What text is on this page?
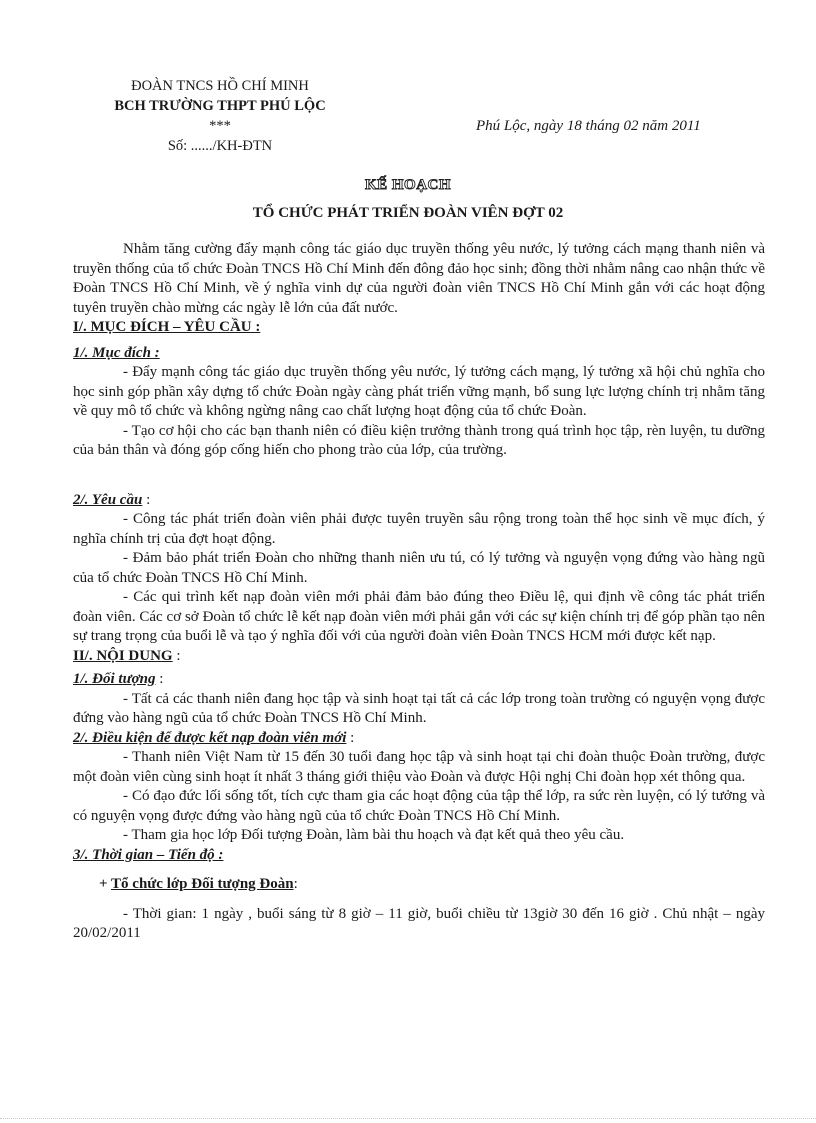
ĐOÀN TNCS HỒ CHÍ MINH
BCH TRƯỜNG THPT PHÚ LỘC
***
Số: ....../KH-ĐTN
Phú Lộc, ngày 18 tháng 02 năm 2011
KẾ HOẠCH
TỔ CHỨC PHÁT TRIỂN ĐOÀN VIÊN ĐỢT 02

Nhằm tăng cường đẩy mạnh công tác giáo dục truyền thống yêu nước, lý tưởng cách mạng thanh niên và truyền thống của tổ chức Đoàn TNCS Hồ Chí Minh đến đông đảo học sinh; đồng thời nhằm nâng cao nhận thức về Đoàn TNCS Hồ Chí Minh, về ý nghĩa vinh dự của người đoàn viên TNCS Hồ Chí Minh gắn với các hoạt động tuyên truyền chào mừng các ngày lễ lớn của đất nước.

I/. MỤC ĐÍCH – YÊU CẦU :

1/. Mục đích :

- Đẩy mạnh công tác giáo dục truyền thống yêu nước, lý tưởng cách mạng, lý tưởng xã hội chủ nghĩa cho học sinh góp phần xây dựng tổ chức Đoàn ngày càng phát triển vững mạnh, bổ sung lực lượng chính trị nhằm tăng về quy mô tổ chức và không ngừng nâng cao chất lượng hoạt động của tổ chức Đoàn.

- Tạo cơ hội cho các bạn thanh niên có điều kiện trưởng thành trong quá trình học tập, rèn luyện, tu dưỡng của bản thân và đóng góp cống hiến cho phong trào của lớp, của trường.

2/. Yêu cầu :

- Công tác phát triển đoàn viên phải được tuyên truyền sâu rộng trong toàn thể học sinh về mục đích, ý nghĩa chính trị của đợt hoạt động.

- Đảm bảo phát triển Đoàn cho những thanh niên ưu tú, có lý tưởng và nguyện vọng đứng vào hàng ngũ của tổ chức Đoàn TNCS Hồ Chí Minh.

- Các qui trình kết nạp đoàn viên mới phải đảm bảo đúng theo Điều lệ, qui định về công tác phát triển đoàn viên. Các cơ sở Đoàn tổ chức lễ kết nạp đoàn viên mới phải gắn với các sự kiện chính trị để góp phần tạo nên sự trang trọng của buổi lễ và tạo ý nghĩa đối với của người đoàn viên Đoàn TNCS HCM mới được kết nạp.

II/. NỘI DUNG :

1/. Đối tượng :

- Tất cả các thanh niên đang học tập và sinh hoạt tại tất cả các lớp trong toàn trường có nguyện vọng được đứng vào hàng ngũ của tổ chức Đoàn TNCS Hồ Chí Minh.

2/. Điều kiện để được kết nạp đoàn viên mới :

- Thanh niên Việt Nam từ 15 đến 30 tuổi đang học tập và sinh hoạt tại chi đoàn thuộc Đoàn trường, được một đoàn viên cùng sinh hoạt ít nhất 3 tháng giới thiệu vào Đoàn và được Hội nghị Chi đoàn họp xét thông qua.

- Có đạo đức lối sống tốt, tích cực tham gia các hoạt động của tập thể lớp, ra sức rèn luyện, có lý tưởng và có nguyện vọng được đứng vào hàng ngũ của tổ chức Đoàn TNCS Hồ Chí Minh.

- Tham gia học lớp Đối tượng Đoàn, làm bài thu hoạch và đạt kết quả theo yêu cầu.

3/. Thời gian – Tiến độ :

+ Tổ chức lớp Đối tượng Đoàn:

- Thời gian: 1 ngày , buổi sáng từ 8 giờ – 11 giờ, buổi chiều từ 13giờ 30 đến 16 giờ . Chủ nhật – ngày 20/02/2011
